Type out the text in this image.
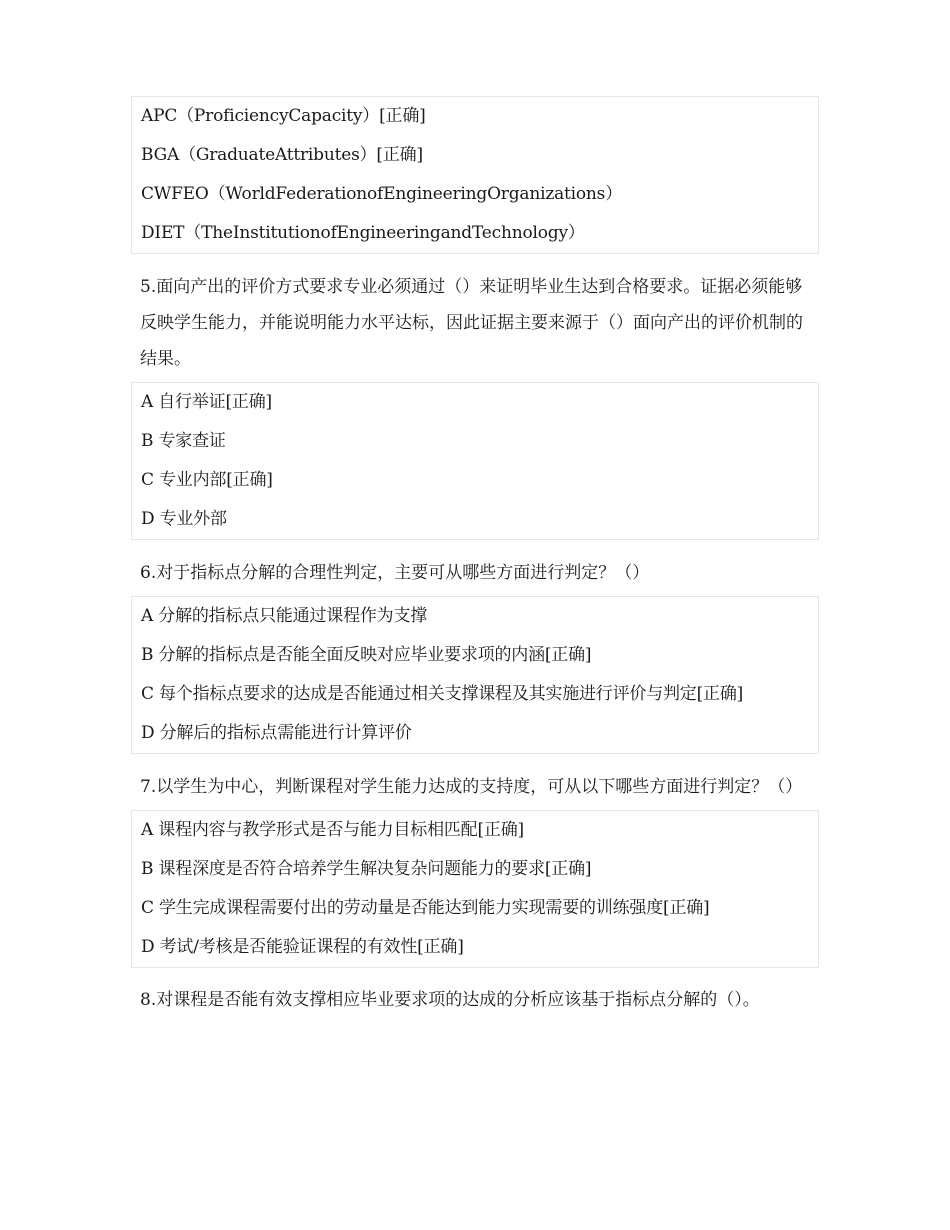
APC（ProficiencyCapacity）[正确]
BGA（GraduateAttributes）[正确]
CWFEO（WorldFederationofEngineeringOrganizations）
DIET（TheInstitutionofEngineeringandTechnology）
5.面向产出的评价方式要求专业必须通过（）来证明毕业生达到合格要求。证据必须能够反映学生能力，并能说明能力水平达标，因此证据主要来源于（）面向产出的评价机制的结果。
A 自行举证[正确]
B 专家查证
C 专业内部[正确]
D 专业外部
6.对于指标点分解的合理性判定，主要可从哪些方面进行判定？（）
A 分解的指标点只能通过课程作为支撑
B 分解的指标点是否能全面反映对应毕业要求项的内涵[正确]
C 每个指标点要求的达成是否能通过相关支撑课程及其实施进行评价与判定[正确]
D 分解后的指标点需能进行计算评价
7.以学生为中心，判断课程对学生能力达成的支持度，可从以下哪些方面进行判定？（）
A 课程内容与教学形式是否与能力目标相匹配[正确]
B 课程深度是否符合培养学生解决复杂问题能力的要求[正确]
C 学生完成课程需要付出的劳动量是否能达到能力实现需要的训练强度[正确]
D 考试/考核是否能验证课程的有效性[正确]
8.对课程是否能有效支撑相应毕业要求项的达成的分析应该基于指标点分解的（）。
